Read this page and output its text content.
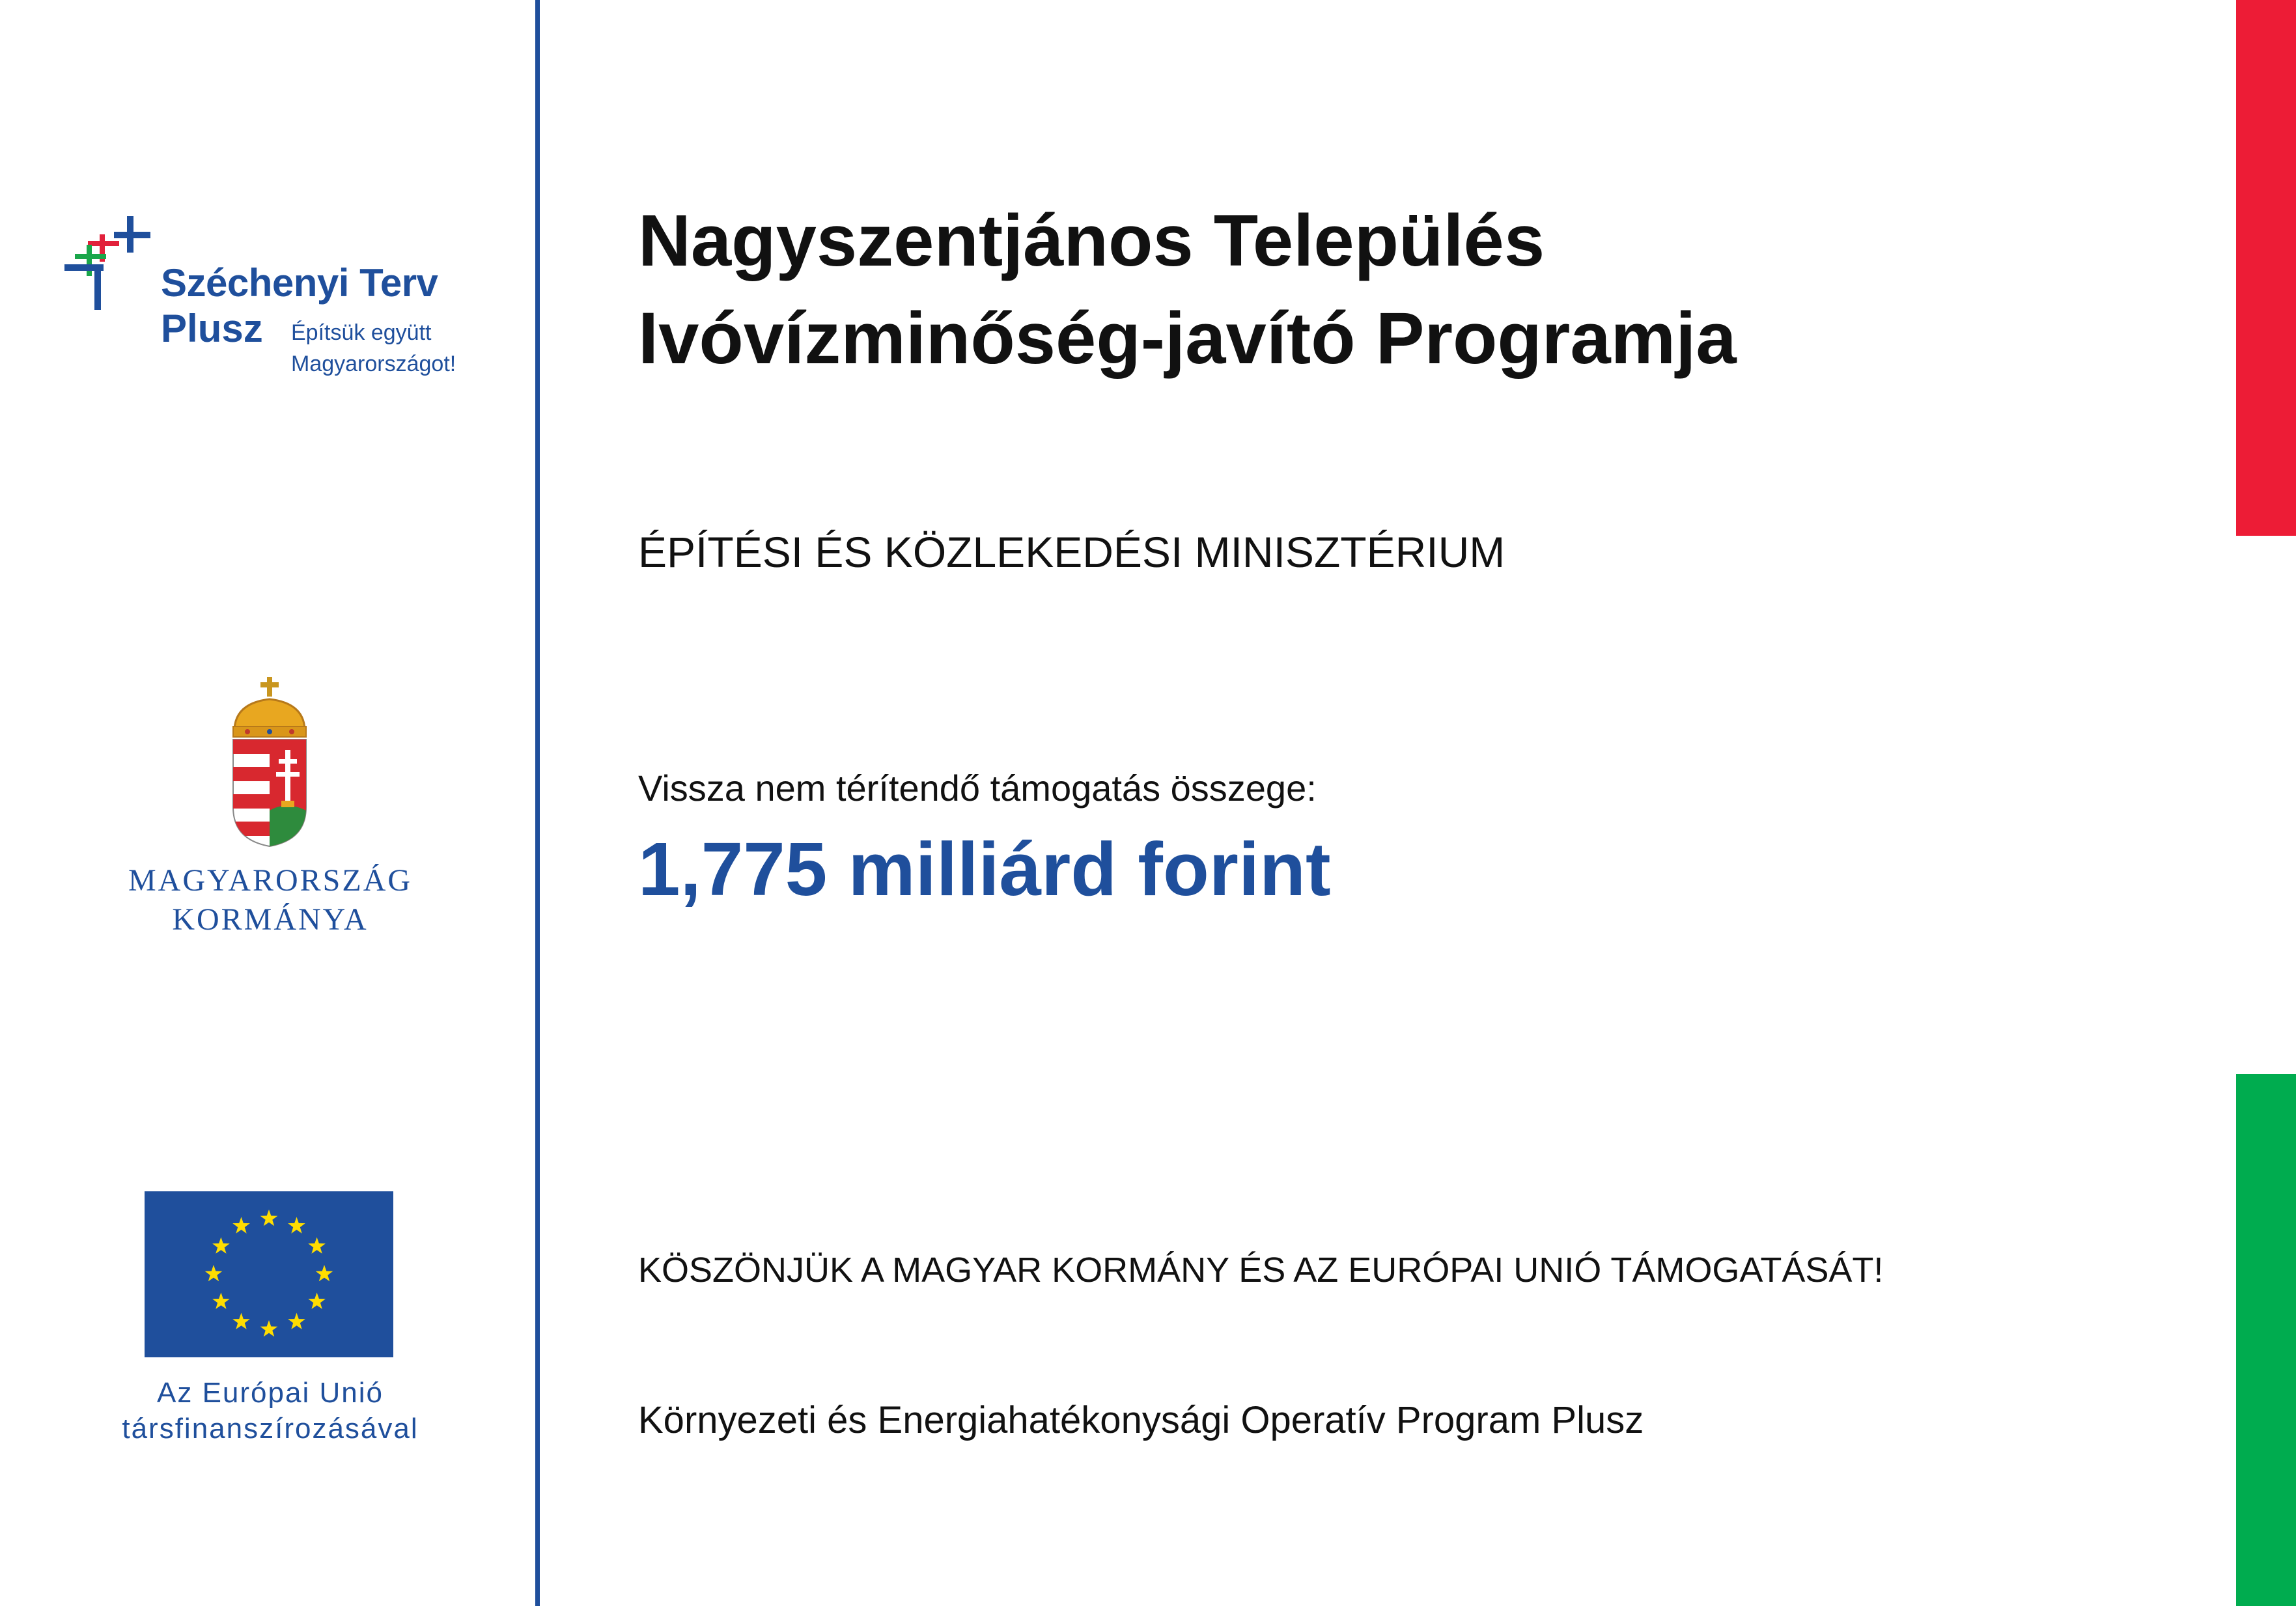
Széchenyi Terv
Plusz Építsük együtt
Magyarországot!
MAGYARORSZÁG
KORMÁNYA
Az Európai Unió
társfinanszírozásával
Nagyszentjános Település
Ivóvízminőség-javító Programja
ÉPÍTÉSI ÉS KÖZLEKEDÉSI MINISZTÉRIUM
Vissza nem térítendő támogatás összege:
1,775 milliárd forint
KÖSZÖNJÜK A MAGYAR KORMÁNY ÉS AZ EURÓPAI UNIÓ TÁMOGATÁSÁT!
Környezeti és Energiahatékonysági Operatív Program Plusz
